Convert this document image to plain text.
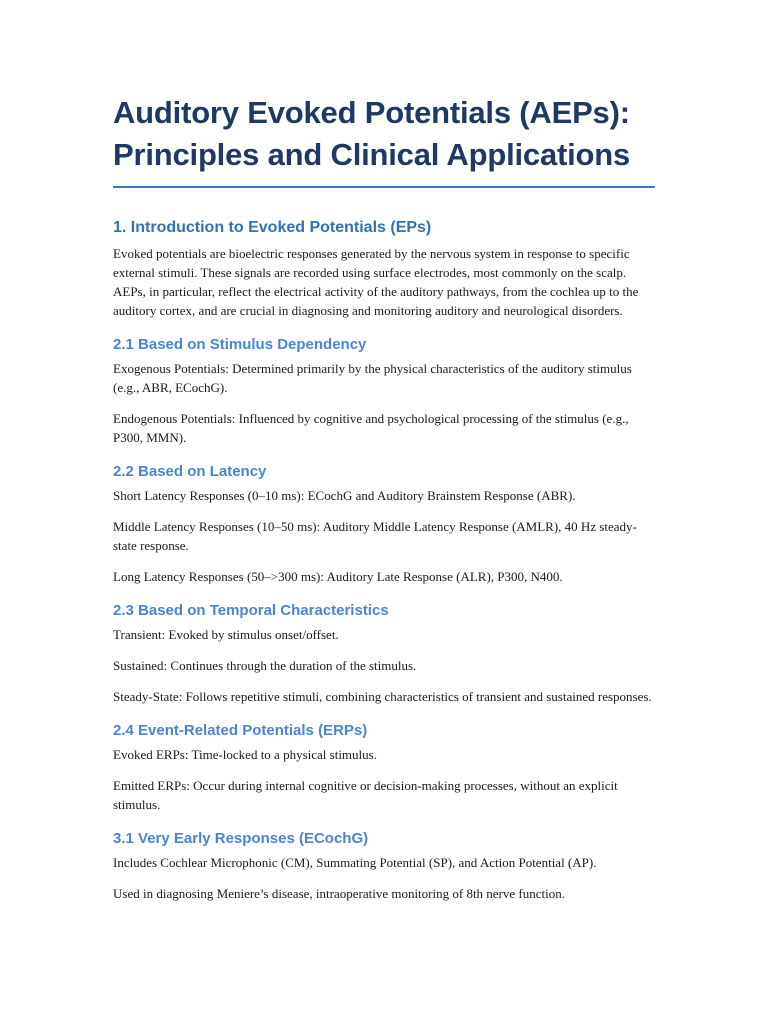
Auditory Evoked Potentials (AEPs):
Principles and Clinical Applications
1. Introduction to Evoked Potentials (EPs)

Evoked potentials are bioelectric responses generated by the nervous system in response to specific external stimuli. These signals are recorded using surface electrodes, most commonly on the scalp. AEPs, in particular, reflect the electrical activity of the auditory pathways, from the cochlea up to the auditory cortex, and are crucial in diagnosing and monitoring auditory and neurological disorders.

2.1 Based on Stimulus Dependency

Exogenous Potentials: Determined primarily by the physical characteristics of the auditory stimulus (e.g., ABR, ECochG).

Endogenous Potentials: Influenced by cognitive and psychological processing of the stimulus (e.g., P300, MMN).

2.2 Based on Latency

Short Latency Responses (0–10 ms): ECochG and Auditory Brainstem Response (ABR).

Middle Latency Responses (10–50 ms): Auditory Middle Latency Response (AMLR), 40 Hz steady-state response.

Long Latency Responses (50–>300 ms): Auditory Late Response (ALR), P300, N400.

2.3 Based on Temporal Characteristics

Transient: Evoked by stimulus onset/offset.

Sustained: Continues through the duration of the stimulus.

Steady-State: Follows repetitive stimuli, combining characteristics of transient and sustained responses.

2.4 Event-Related Potentials (ERPs)

Evoked ERPs: Time-locked to a physical stimulus.

Emitted ERPs: Occur during internal cognitive or decision-making processes, without an explicit stimulus.

3.1 Very Early Responses (ECochG)

Includes Cochlear Microphonic (CM), Summating Potential (SP), and Action Potential (AP).

Used in diagnosing Meniere’s disease, intraoperative monitoring of 8th nerve function.
